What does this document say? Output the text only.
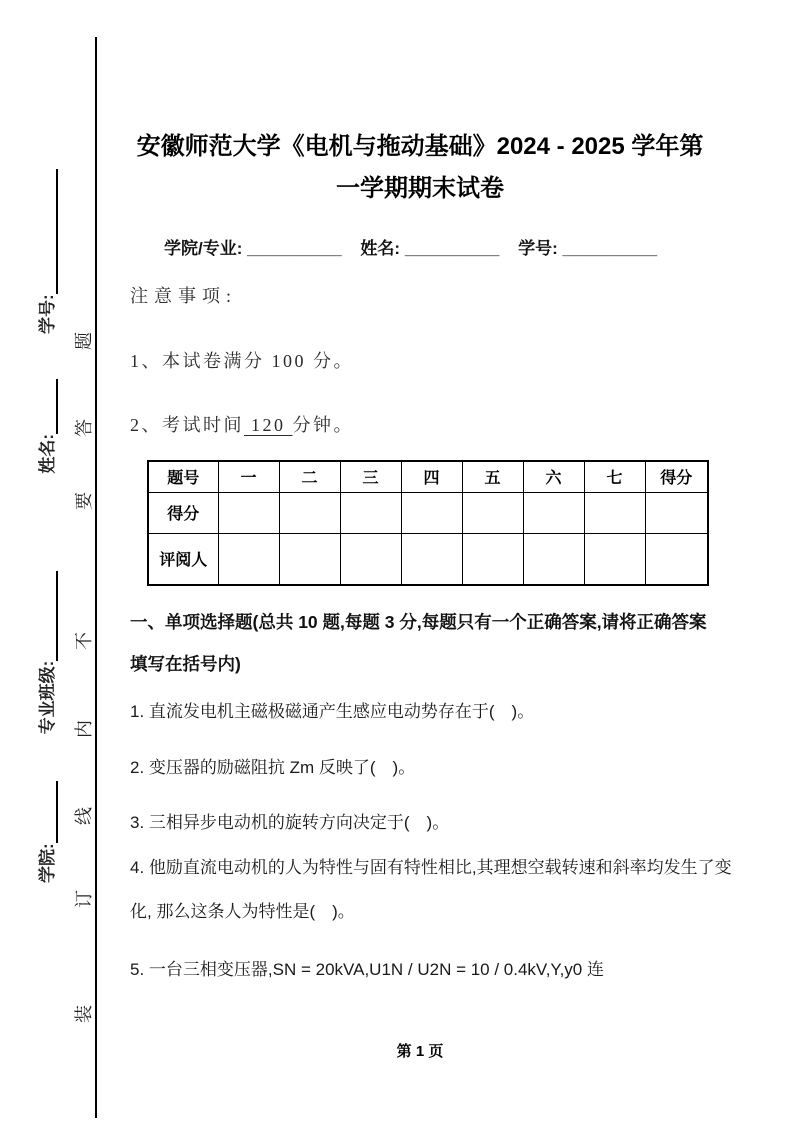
学院:
专业班级:
姓名:
学号:
装
订
线
内
不
要
答
题
安徽师范大学《电机与拖动基础》2024 - 2025 学年第
一学期期末试卷
学院/专业: __________ 姓名: __________ 学号: __________
注意事项:
1、本试卷满分 100 分。
2、考试时间 120 分钟。
题号	一	二	三	四	五	六	七	得分
得分								
评阅人								

一、单项选择题(总共 10 题,每题 3 分,每题只有一个正确答案,请将正确答案填写在括号内)

1. 直流发电机主磁极磁通产生感应电动势存在于(　)。

2. 变压器的励磁阻抗 Zm 反映了(　)。

3. 三相异步电动机的旋转方向决定于(　)。

4. 他励直流电动机的人为特性与固有特性相比,其理想空载转速和斜率均发生了变化, 那么这条人为特性是(　)。

5. 一台三相变压器,SN = 20kVA,U1N / U2N = 10 / 0.4kV,Y,y0 连

第 1 页
